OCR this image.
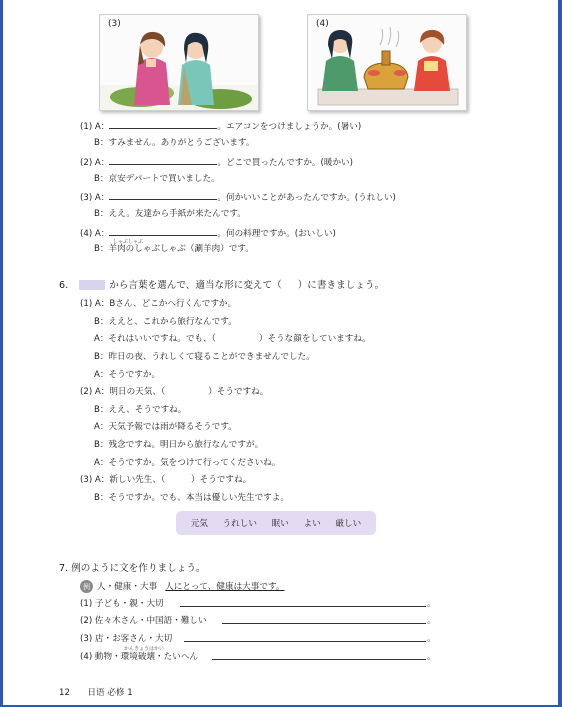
(3)	(4)
(1) A：	。エアコンをつけましょうか。(暑い)
B：すみません。ありがとうございます。
(2) A：	。どこで買ったんですか。(暖かい)
B：京安デパートで買いました。
(3) A：	。何かいいことがあったんですか。(うれしい)
B：ええ。友達から手紙が来たんです。
(4) A：	。何の料理ですか。(おいしい)
しゃぶしゃぶ
B：羊肉のしゃぶしゃぶ（涮羊肉）です。
6.	から言葉を選んで、適当な形に変えて（ ）に書きましょう。
(1) A：Bさん、どこかへ行くんですか。
B：ええと、これから旅行なんです。
A：それはいいですね。でも、（　　　　　）そうな顔をしていますね。
B：昨日の夜、うれしくて寝ることができませんでした。
A：そうですか。
(2) A：明日の天気、（　　　　　）そうですね。
B：ええ、そうですね。
A：天気予報では雨が降るそうです。
B：残念ですね。明日から旅行なんですが。
A：そうですか。気をつけて行ってくださいね。
(3) A：新しい先生、（　　　）そうですね。
B：そうですか。でも、本当は優しい先生ですよ。
元気 うれしい 眠い よい 厳しい
7. 例のように文を作りましょう。
例 人・健康・大事 人にとって、健康は大事です。
(1) 子ども・親・大切	。
(2) 佐々木さん・中国語・難しい	。
(3) 店・お客さん・大切	。
かんきょうはかい
(4) 動物・環境破壊・たいへん	。
12 日语 必修 1
